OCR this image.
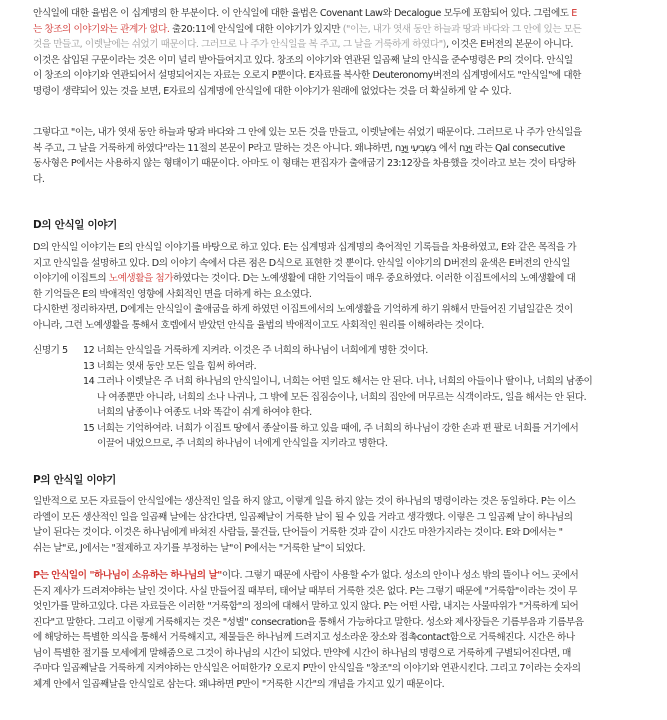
안식일에 대한 율법은 이 십계명의 한 부분이다. 이 안식일에 대한 율법은 Covenant Law와 Decalogue 모두에 포함되어 있다. 그럼에도 E
는 창조의 이야기와는 관계가 없다. 출20:11에 안식일에 대한 이야기가 있지만 ("이는, 내가 엿새 동안 하늘과 땅과 바다와 그 안에 있는 모든
것을 만들고, 이렛날에는 쉬었기 때문이다. 그러므로 나 주가 안식일을 복 주고, 그 날을 거룩하게 하였다"), 이것은 E버전의 본문이 아니다.
이것은 삽입된 구문이라는 것은 이미 널리 받아들여지고 있다. 창조의 이야기와 연관된 일곱째 날의 안식을 준수명령은 P의 것이다. 안식일
이 창조의 이야기와 연관되어서 설명되어지는 자료는 오로지 P뿐이다. E자료를 복사한 Deuteronomy버전의 십계명에서도 "안식일"에 대한
명령이 생략되어 있는 것을 보면, E자료의 십계명에 안식일에 대한 이야기가 원래에 없었다는 것을 더 확실하게 알 수 있다.
그렇다고 "이는, 내가 엿새 동안 하늘과 땅과 바다와 그 안에 있는 모든 것을 만들고, 이렛날에는 쉬었기 때문이다. 그러므로 나 주가 안식일을
복 주고, 그 날을 거룩하게 하였다"라는 11절의 본문이 P라고 말하는 것은 아니다. 왜냐하면, בִּשְׁבִיעִי וַיָּנַח 에서 וַיָּנַח 라는 Qal consecutive
동사형은 P에서는 사용하지 않는 형태이기 때문이다. 아마도 이 형태는 편집자가 출애굽기 23:12장을 차용했을 것이라고 보는 것이 타당하
다.
D의 안식일 이야기
D의 안식일 이야기는 E의 안식일 이야기를 바탕으로 하고 있다. E는 십계명과 십계명의 축어적인 기록들을 차용하였고, E와 같은 목적을 가
지고 안식일을 설명하고 있다. D의 이야기 속에서 다른 점은 D식으로 표현한 것 뿐이다. 안식일 이야기의 D버전의 윤색은 E버전의 안식일
이야기에 이집트의 노예생활을 첨가하였다는 것이다. D는 노예생활에 대한 기억들이 매우 중요하였다. 이러한 이집트에서의 노예생활에 대
한 기억들은 E의 박애적인 영향에 사회적인 면을 더하게 하는 요소였다.
다시한번 정리하자면, D에게는 안식일이 출애굽을 하게 하였던 이집트에서의 노예생활을 기억하게 하기 위해서 만들어진 기념일같은 것이
아니라, 그런 노예생활을 통해서 호렙에서 받았던 안식을 율법의 박애적이고도 사회적인 원리를 이해하라는 것이다.
신명기 5 12 너희는 안식일을 거룩하게 지켜라. 이것은 주 너희의 하나님이 너희에게 명한 것이다.
13 너희는 엿새 동안 모든 일을 힘써 하여라.
14 그러나 이렛날은 주 너희 하나님의 안식일이니, 너희는 어떤 일도 해서는 안 된다. 너나, 너희의 아들이나 딸이나, 너희의 남종이
나 여종뿐만 아니라, 너희의 소나 나귀나, 그 밖에 모든 집짐승이나, 너희의 집안에 머무르는 식객이라도, 일을 해서는 안 된다.
너희의 남종이나 여종도 너와 똑같이 쉬게 하여야 한다.
15 너희는 기억하여라. 너희가 이집트 땅에서 종살이를 하고 있을 때에, 주 너희의 하나님이 강한 손과 편 팔로 너희를 거기에서
이끌어 내었으므로, 주 너희의 하나님이 너에게 안식일을 지키라고 명한다.
P의 안식일 이야기
일반적으로 모든 자료들이 안식일에는 생산적인 일을 하지 않고, 이렇게 일을 하지 않는 것이 하나님의 명령이라는 것은 동일하다. P는 이스
라엘이 모든 생산적인 일을 일곱째 날에는 삼간다면, 일곱째날이 거룩한 날이 될 수 있을 거라고 생각했다. 이렇은 그 일곱째 날이 하나님의
날이 된다는 것이다. 이것은 하나님에게 바쳐진 사람들, 물건들, 단어들이 거룩한 것과 같이 시간도 마찬가지라는 것이다. E와 D에서는 "
쉬는 날"로, J에서는 "절제하고 자기를 부정하는 날"이 P에서는 "거룩한 날"이 되었다.
P는 안식일이 "하나님이 소유하는 하나님의 날"이다. 그렇기 때문에 사람이 사용할 수가 없다. 성소의 안이나 성소 밖의 뜰이나 어느 곳에서
든지 제사가 드려져야하는 날인 것이다. 사실 만들어질 때부터, 태어날 때부터 거룩한 것은 없다. P는 그렇기 때문에 "거룩함"이라는 것이 무
엇인가를 말하고있다. 다른 자료들은 이러한 "거룩함"의 정의에 대해서 말하고 있지 않다. P는 어떤 사람, 내지는 사물따위가 "거룩하게 되어
진다"고 말한다. 그리고 이렇게 거룩해지는 것은 "성별" consecration을 통해서 가능하다고 말한다. 성소와 제사장들은 기름부음과 기름부음
에 해당하는 특별한 의식을 통해서 거룩해지고, 제물들은 하나님께 드려지고 성소라운 장소와 접촉contact함으로 거룩해진다. 시간은 하나
님이 특별한 절기를 모세에게 말해줌으로 그것이 하나님의 시간이 되었다. 만약에 시간이 하나님의 명령으로 거룩하게 구별되어진다면, 매
주마다 일곱째날을 거룩하게 지켜야하는 안식일은 어떠한가? 오로지 P만이 안식일을 "창조"의 이야기와 연관시킨다. 그리고 7이라는 숫자의
체계 안에서 일곱째날을 안식일로 삼는다. 왜냐하면 P만이 "거룩한 시간"의 개념을 가지고 있기 때문이다.
